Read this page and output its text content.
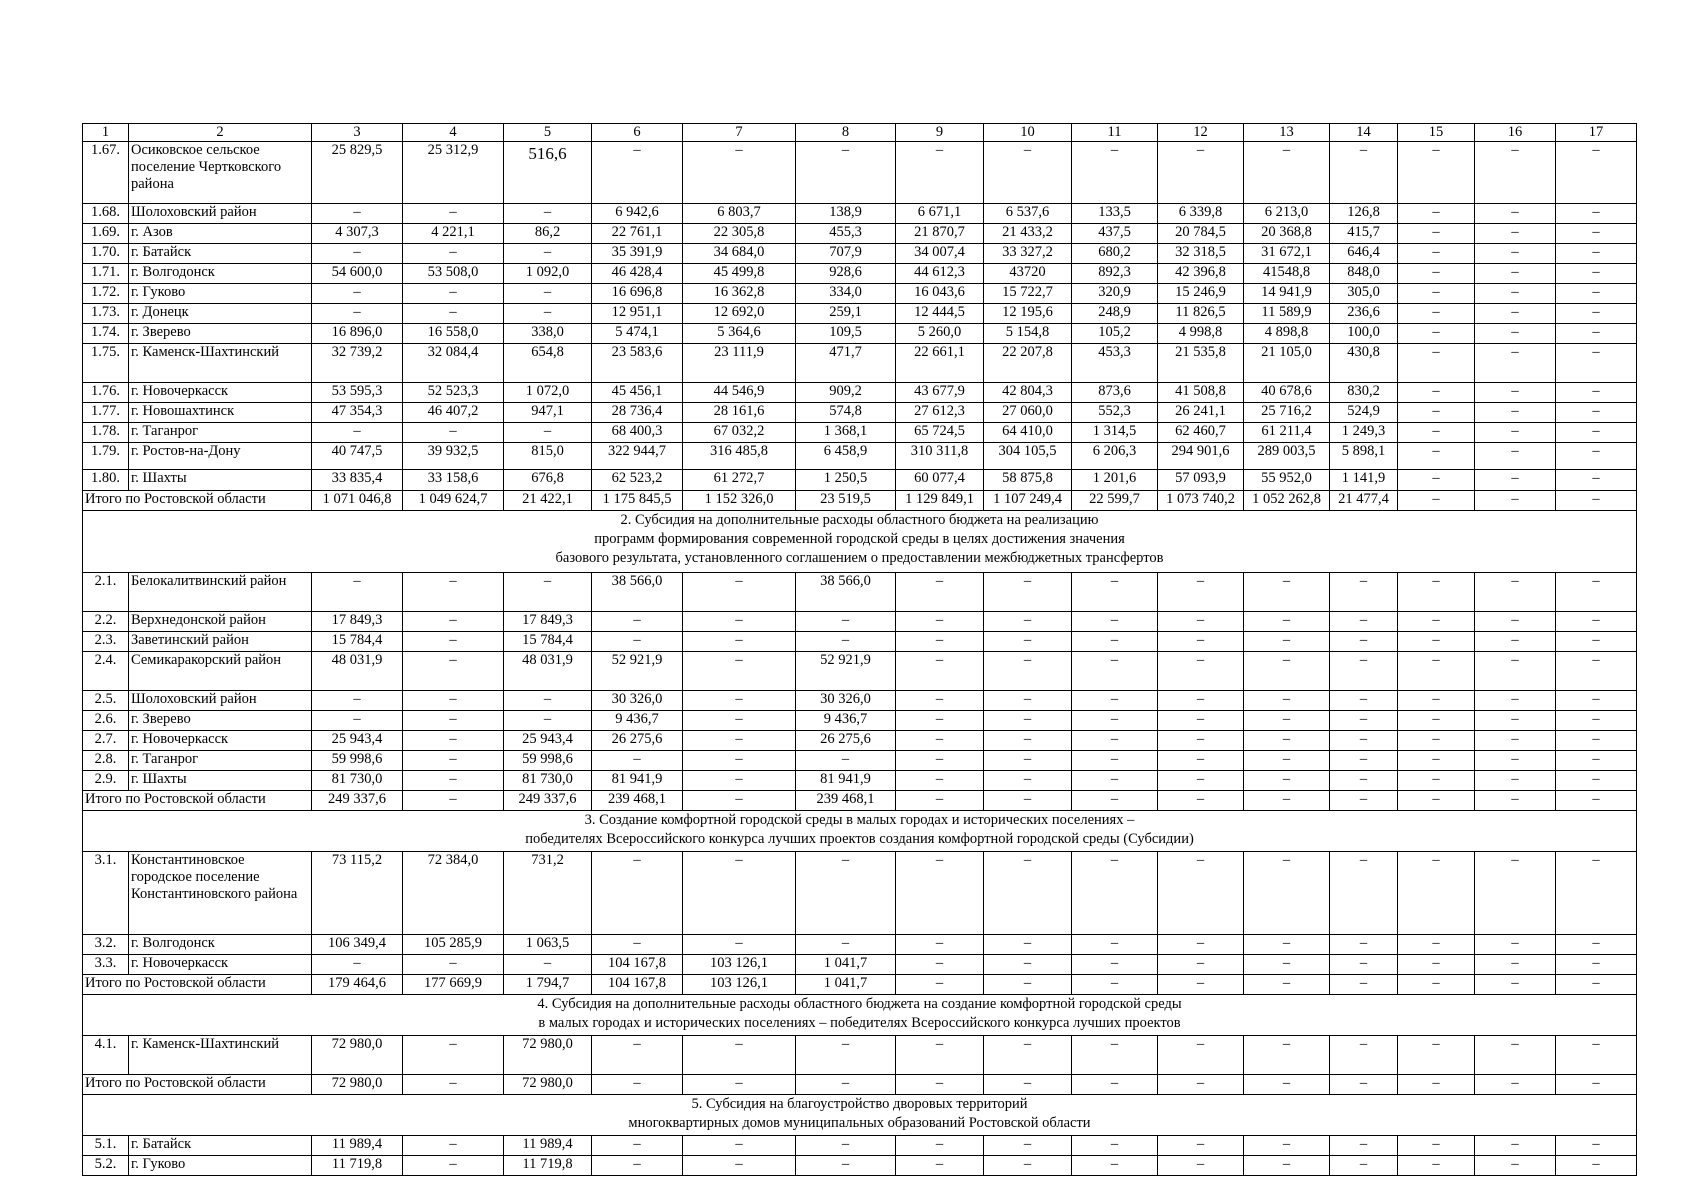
1	2	3	4	5	6	7	8	9	10	11	12	13	14	15	16	17
1.67.	Осиковское сельское поселение Чертковского района	25 829,5	25 312,9	516,6	–	–	–	–	–	–	–	–	–	–	–	–
1.68.	Шолоховский район	–	–	–	6 942,6	6 803,7	138,9	6 671,1	6 537,6	133,5	6 339,8	6 213,0	126,8	–	–	–
1.69.	г. Азов	4 307,3	4 221,1	86,2	22 761,1	22 305,8	455,3	21 870,7	21 433,2	437,5	20 784,5	20 368,8	415,7	–	–	–
1.70.	г. Батайск	–	–	–	35 391,9	34 684,0	707,9	34 007,4	33 327,2	680,2	32 318,5	31 672,1	646,4	–	–	–
1.71.	г. Волгодонск	54 600,0	53 508,0	1 092,0	46 428,4	45 499,8	928,6	44 612,3	43720	892,3	42 396,8	41548,8	848,0	–	–	–
1.72.	г. Гуково	–	–	–	16 696,8	16 362,8	334,0	16 043,6	15 722,7	320,9	15 246,9	14 941,9	305,0	–	–	–
1.73.	г. Донецк	–	–	–	12 951,1	12 692,0	259,1	12 444,5	12 195,6	248,9	11 826,5	11 589,9	236,6	–	–	–
1.74.	г. Зверево	16 896,0	16 558,0	338,0	5 474,1	5 364,6	109,5	5 260,0	5 154,8	105,2	4 998,8	4 898,8	100,0	–	–	–
1.75.	г. Каменск-Шахтинский	32 739,2	32 084,4	654,8	23 583,6	23 111,9	471,7	22 661,1	22 207,8	453,3	21 535,8	21 105,0	430,8	–	–	–
1.76.	г. Новочеркасск	53 595,3	52 523,3	1 072,0	45 456,1	44 546,9	909,2	43 677,9	42 804,3	873,6	41 508,8	40 678,6	830,2	–	–	–
1.77.	г. Новошахтинск	47 354,3	46 407,2	947,1	28 736,4	28 161,6	574,8	27 612,3	27 060,0	552,3	26 241,1	25 716,2	524,9	–	–	–
1.78.	г. Таганрог	–	–	–	68 400,3	67 032,2	1 368,1	65 724,5	64 410,0	1 314,5	62 460,7	61 211,4	1 249,3	–	–	–
1.79.	г. Ростов-на-Дону	40 747,5	39 932,5	815,0	322 944,7	316 485,8	6 458,9	310 311,8	304 105,5	6 206,3	294 901,6	289 003,5	5 898,1	–	–	–
1.80.	г. Шахты	33 835,4	33 158,6	676,8	62 523,2	61 272,7	1 250,5	60 077,4	58 875,8	1 201,6	57 093,9	55 952,0	1 141,9	–	–	–
Итого по Ростовской области		1 071 046,8	1 049 624,7	21 422,1	1 175 845,5	1 152 326,0	23 519,5	1 129 849,1	1 107 249,4	22 599,7	1 073 740,2	1 052 262,8	21 477,4	–	–	–

2. Субсидия на дополнительные расходы областного бюджета на реализацию
программ формирования современной городской среды в целях достижения значения
базового результата, установленного соглашением о предоставлении межбюджетных трансфертов																

2.1.	Белокалитвинский район	–	–	–	38 566,0	–	38 566,0	–	–	–	–	–	–	–	–	–
2.2.	Верхнедонской район	17 849,3	–	17 849,3	–	–	–	–	–	–	–	–	–	–	–	–
2.3.	Заветинский район	15 784,4	–	15 784,4	–	–	–	–	–	–	–	–	–	–	–	–
2.4.	Семикаракорский район	48 031,9	–	48 031,9	52 921,9	–	52 921,9	–	–	–	–	–	–	–	–	–
2.5.	Шолоховский район	–	–	–	30 326,0	–	30 326,0	–	–	–	–	–	–	–	–	–
2.6.	г. Зверево	–	–	–	9 436,7	–	9 436,7	–	–	–	–	–	–	–	–	–
2.7.	г. Новочеркасск	25 943,4	–	25 943,4	26 275,6	–	26 275,6	–	–	–	–	–	–	–	–	–
2.8.	г. Таганрог	59 998,6	–	59 998,6	–	–	–	–	–	–	–	–	–	–	–	–
2.9.	г. Шахты	81 730,0	–	81 730,0	81 941,9	–	81 941,9	–	–	–	–	–	–	–	–	–
Итого по Ростовской области		249 337,6	–	249 337,6	239 468,1	–	239 468,1	–	–	–	–	–	–	–	–	–

3. Создание комфортной городской среды в малых городах и исторических поселениях –
победителях Всероссийского конкурса лучших проектов создания комфортной городской среды (Субсидии)																

3.1.	Константиновское городское поселение Константиновского района	73 115,2	72 384,0	731,2	–	–	–	–	–	–	–	–	–	–	–	–
3.2.	г. Волгодонск	106 349,4	105 285,9	1 063,5	–	–	–	–	–	–	–	–	–	–	–	–
3.3.	г. Новочеркасск	–	–	–	104 167,8	103 126,1	1 041,7	–	–	–	–	–	–	–	–	–
Итого по Ростовской области		179 464,6	177 669,9	1 794,7	104 167,8	103 126,1	1 041,7	–	–	–	–	–	–	–	–	–

4. Субсидия на дополнительные расходы областного бюджета на создание комфортной городской среды
в малых городах и исторических поселениях – победителях Всероссийского конкурса лучших проектов																

4.1.	г. Каменск-Шахтинский	72 980,0	–	72 980,0	–	–	–	–	–	–	–	–	–	–	–	–
Итого по Ростовской области		72 980,0	–	72 980,0	–	–	–	–	–	–	–	–	–	–	–	–

5. Субсидия на благоустройство дворовых территорий
многоквартирных домов муниципальных образований Ростовской области																

5.1.	г. Батайск	11 989,4	–	11 989,4	–	–	–	–	–	–	–	–	–	–	–	–
5.2.	г. Гуково	11 719,8	–	11 719,8	–	–	–	–	–	–	–	–	–	–	–	–
